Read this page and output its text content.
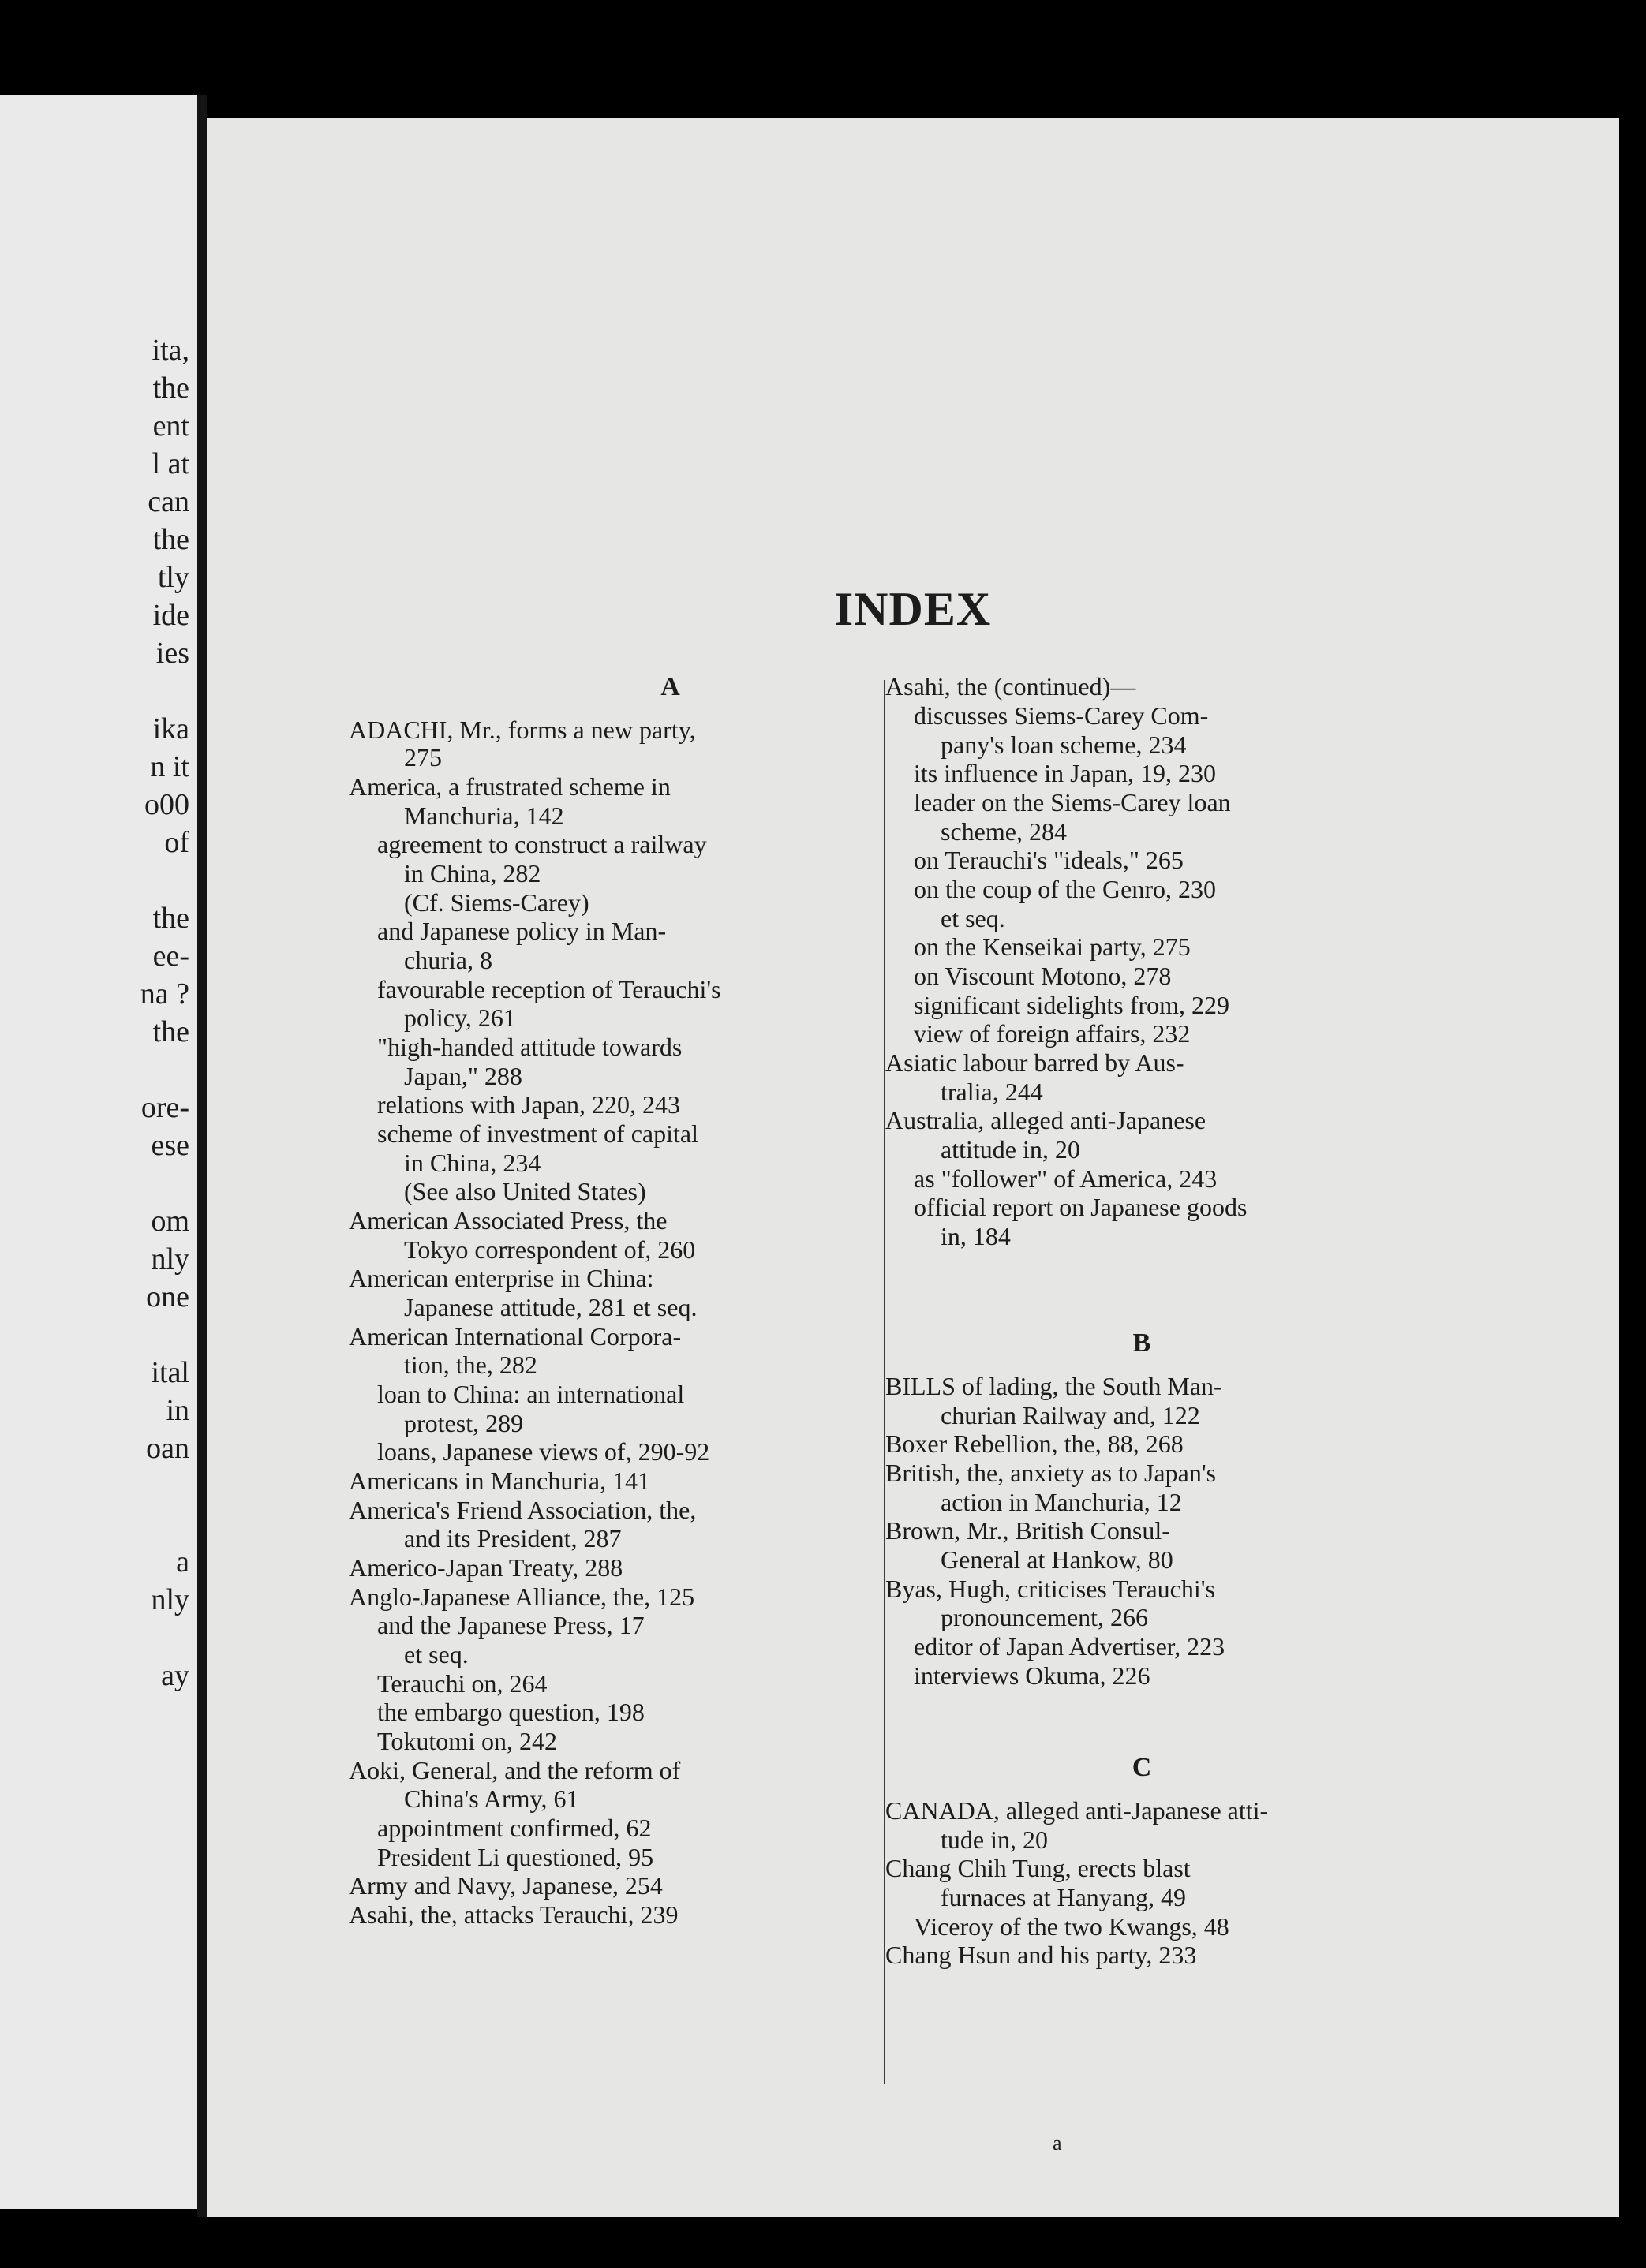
ita,
the
ent
l at
can
the
tly
ide
ies
ika
n it
o00
of
the
ee-
na ?
the
ore-
ese
om
nly
one
ital
in
oan
a
nly
ay
INDEX
A
ADACHI, Mr., forms a new party,
275
America, a frustrated scheme in
Manchuria, 142
agreement to construct a railway
in China, 282
(Cf. Siems-Carey)
and Japanese policy in Man-
churia, 8
favourable reception of Terauchi's
policy, 261
"high-handed attitude towards
Japan," 288
relations with Japan, 220, 243
scheme of investment of capital
in China, 234
(See also United States)
American Associated Press, the
Tokyo correspondent of, 260
American enterprise in China:
Japanese attitude, 281 et seq.
American International Corpora-
tion, the, 282
loan to China: an international
protest, 289
loans, Japanese views of, 290-92
Americans in Manchuria, 141
America's Friend Association, the,
and its President, 287
Americo-Japan Treaty, 288
Anglo-Japanese Alliance, the, 125
and the Japanese Press, 17
et seq.
Terauchi on, 264
the embargo question, 198
Tokutomi on, 242
Aoki, General, and the reform of
China's Army, 61
appointment confirmed, 62
President Li questioned, 95
Army and Navy, Japanese, 254
Asahi, the, attacks Terauchi, 239
Asahi, the (continued)—
discusses Siems-Carey Com-
pany's loan scheme, 234
its influence in Japan, 19, 230
leader on the Siems-Carey loan
scheme, 284
on Terauchi's "ideals," 265
on the coup of the Genro, 230
et seq.
on the Kenseikai party, 275
on Viscount Motono, 278
significant sidelights from, 229
view of foreign affairs, 232
Asiatic labour barred by Aus-
tralia, 244
Australia, alleged anti-Japanese
attitude in, 20
as "follower" of America, 243
official report on Japanese goods
in, 184
B
BILLS of lading, the South Man-
churian Railway and, 122
Boxer Rebellion, the, 88, 268
British, the, anxiety as to Japan's
action in Manchuria, 12
Brown, Mr., British Consul-
General at Hankow, 80
Byas, Hugh, criticises Terauchi's
pronouncement, 266
editor of Japan Advertiser, 223
interviews Okuma, 226
C
CANADA, alleged anti-Japanese atti-
tude in, 20
Chang Chih Tung, erects blast
furnaces at Hanyang, 49
Viceroy of the two Kwangs, 48
Chang Hsun and his party, 233
a
